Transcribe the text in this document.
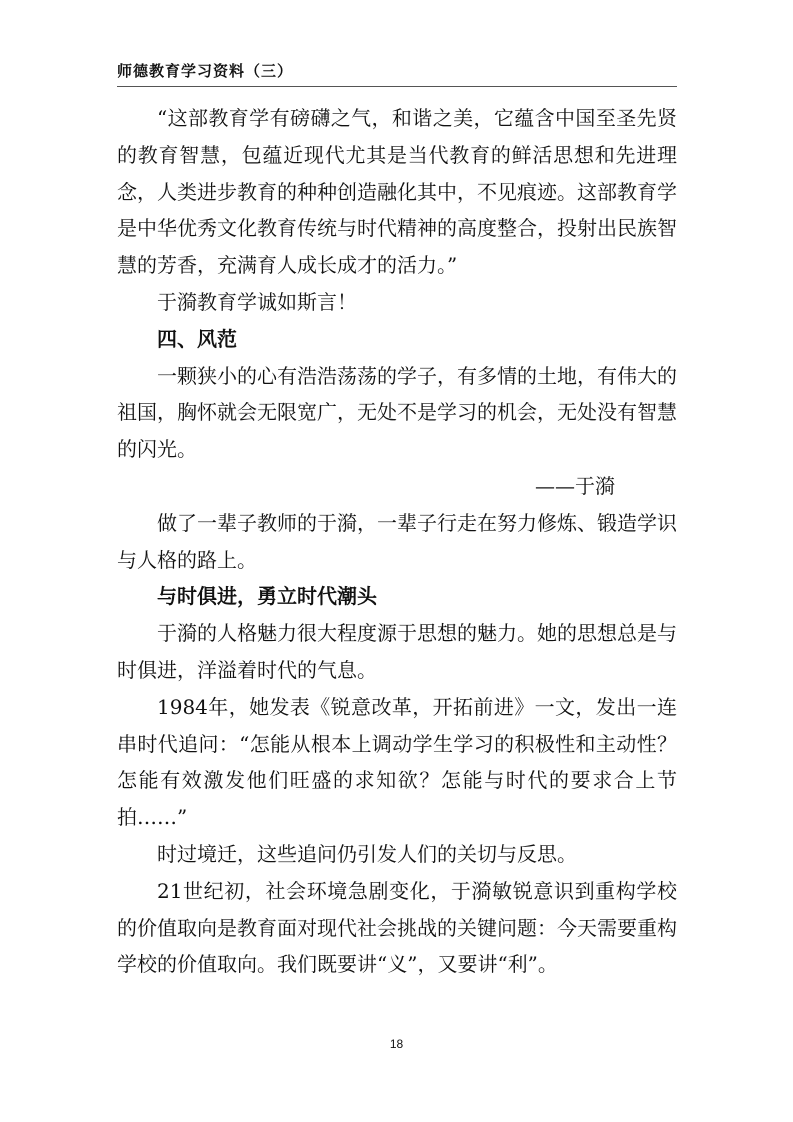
师德教育学习资料（三）

“这部教育学有磅礴之气，和谐之美，它蕴含中国至圣先贤的教育智慧，包蕴近现代尤其是当代教育的鲜活思想和先进理念，人类进步教育的种种创造融化其中，不见痕迹。这部教育学是中华优秀文化教育传统与时代精神的高度整合，投射出民族智慧的芳香，充满育人成长成才的活力。”

于漪教育学诚如斯言！

四、风范

一颗狭小的心有浩浩荡荡的学子，有多情的土地，有伟大的祖国，胸怀就会无限宽广，无处不是学习的机会，无处没有智慧的闪光。

——于漪

做了一辈子教师的于漪，一辈子行走在努力修炼、锻造学识与人格的路上。

与时俱进，勇立时代潮头

于漪的人格魅力很大程度源于思想的魅力。她的思想总是与时俱进，洋溢着时代的气息。

1984年，她发表《锐意改革，开拓前进》一文，发出一连串时代追问：“怎能从根本上调动学生学习的积极性和主动性？怎能有效激发他们旺盛的求知欲？怎能与时代的要求合上节拍……”

时过境迁，这些追问仍引发人们的关切与反思。

21世纪初，社会环境急剧变化，于漪敏锐意识到重构学校的价值取向是教育面对现代社会挑战的关键问题：今天需要重构学校的价值取向。我们既要讲“义”，又要讲“利”。

18
